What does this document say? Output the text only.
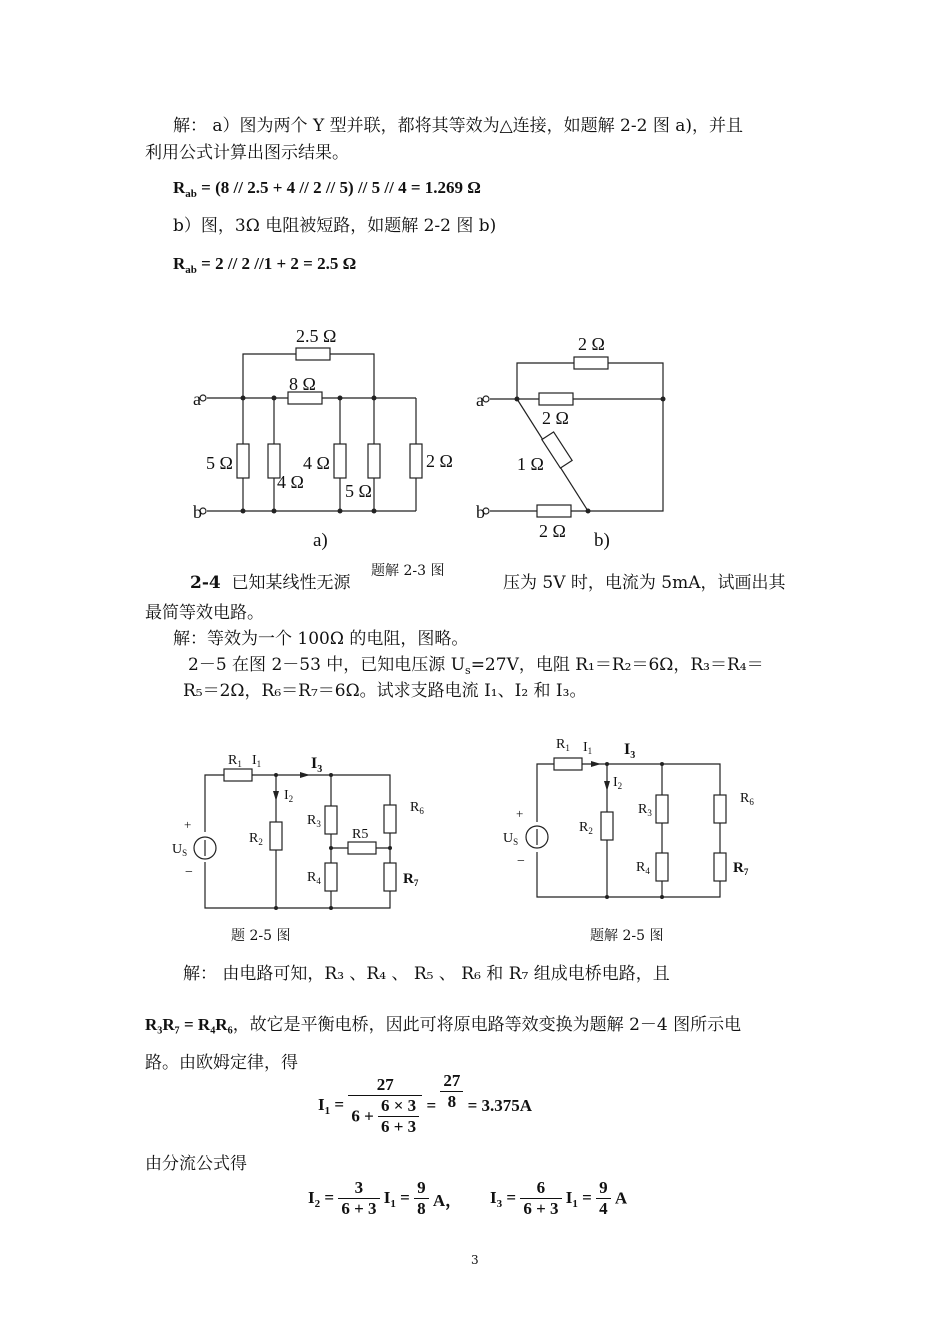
解： a）图为两个 Y 型并联，都将其等效为△连接，如题解 2-2 图 a)，并且
利用公式计算出图示结果。
$R_{ab} = (8 // 2.5 + 4 // 2 // 5) // 5 // 4 = 1.269$ Ω
b）图，3Ω 电阻被短路，如题解 2-2 图 b)
$R_{ab} = 2 // 2$ //1 + 2 = 2.5 Ω
2.5 Ω
8 Ω
5 Ω	4 Ω
4 Ω 5 Ω
2 Ω
a
b
a)
2 Ω
2 Ω
1 Ω
2 Ω
a
b
b)
$R_1$ $I_1$	$I_3$
$I_2$
$R_2$
$R_3$
R5
$R_4$
$R_6$
$R_7$
+
$U_S$
−
$R_1$ $I_1$ $I_3$
$I_2$
$R_2$
$R_3$
$R_4$
$R_6$
$R_7$
+
$U_S$
−
题解 2-3 图
2-4 已知某线性无源	压为 5V 时，电流为 5mA，试画出其
最简等效电路。
解：等效为一个 100Ω 的电阻，图略。
2－5 在图 2－53 中，已知电压源 $U_s=27V$，电阻 R₁＝R₂＝6Ω，R₃＝R₄＝
R₅＝2Ω，R₆＝R₇＝6Ω。试求支路电流 I₁、I₂ 和 I₃。
题 2-5 图	题解 2-5 图
解： 由电路可知，R₃ 、R₄ 、 R₅ 、 R₆ 和 R₇ 组成电桥电路，且
R₃R₇ = R₄R₆，故它是平衡电桥，因此可将原电路等效变换为题解 2－4 图所示电
路。由欧姆定律，得
$I_1 = \frac{27}{6 + \frac{6 \times 3}{6 + 3}} = \frac{27}{8} = 3.375A$
由分流公式得
$I_2 = \frac{3}{6 + 3} I_1 = \frac{9}{8}$ A， $I_3 = \frac{6}{6 + 3} I_1 = \frac{9}{4}$ A
3
